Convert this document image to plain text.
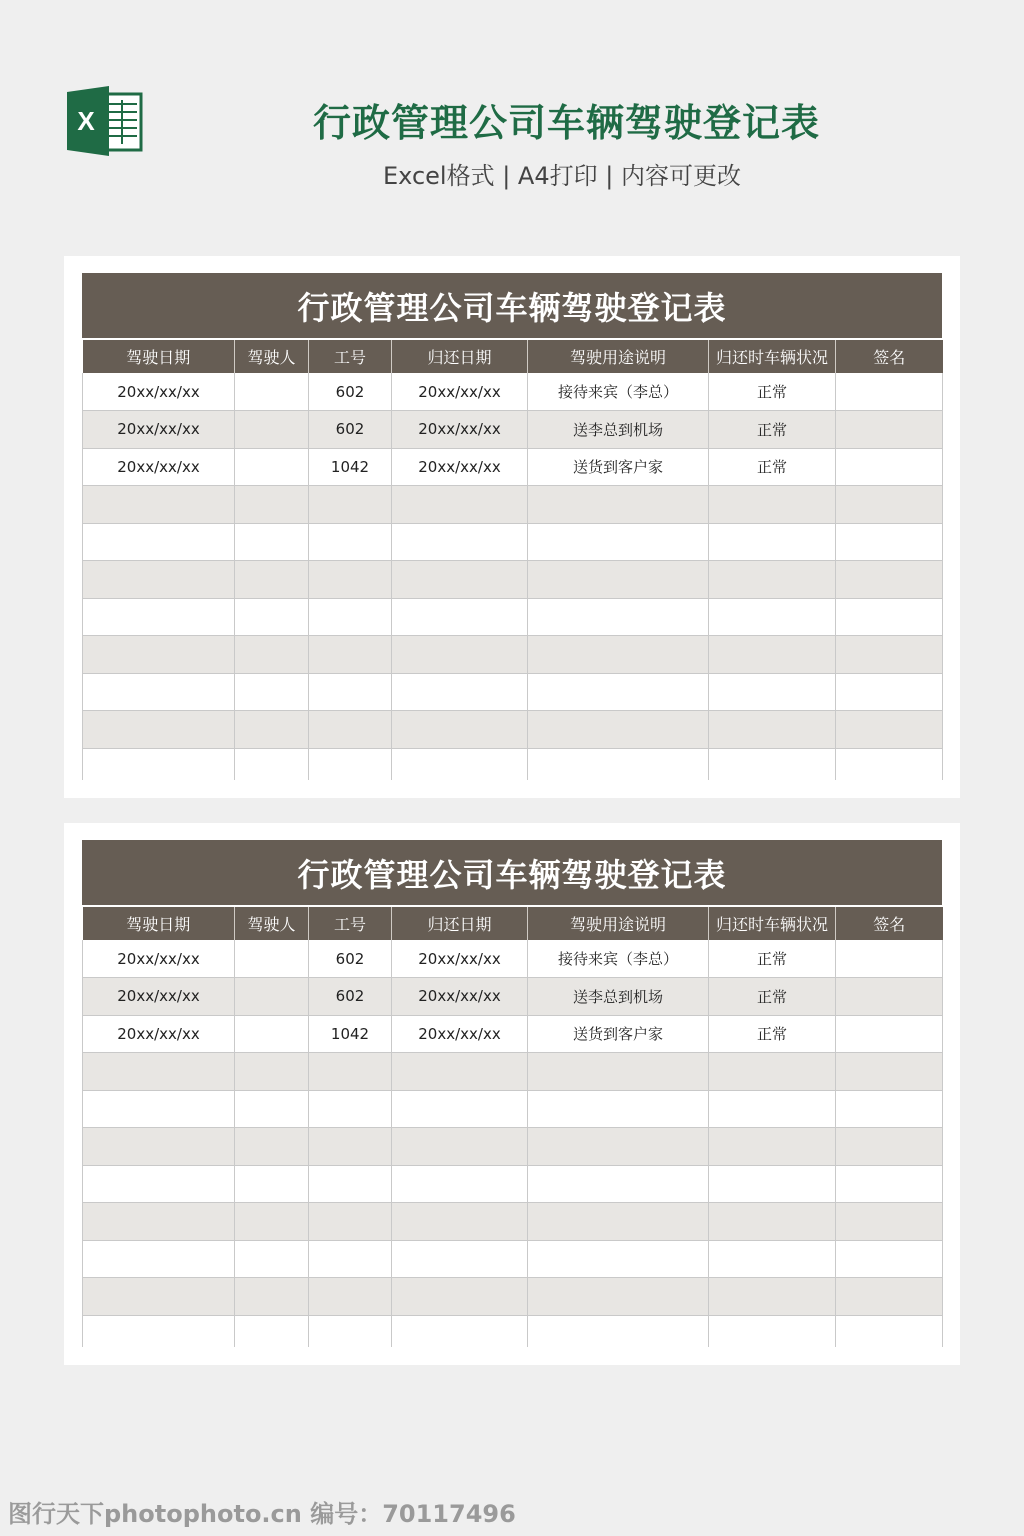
X	行政管理公司车辆驾驶登记表
Excel格式 | A4打印 | 内容可更改
行政管理公司车辆驾驶登记表
驾驶日期	驾驶人	工号	归还日期	驾驶用途说明	归还时车辆状况	签名
20xx/xx/xx		602	20xx/xx/xx	接待来宾（李总）	正常	
20xx/xx/xx		602	20xx/xx/xx	送李总到机场	正常	
20xx/xx/xx		1042	20xx/xx/xx	送货到客户家	正常	

行政管理公司车辆驾驶登记表
驾驶日期	驾驶人	工号	归还日期	驾驶用途说明	归还时车辆状况	签名
20xx/xx/xx		602	20xx/xx/xx	接待来宾（李总）	正常	
20xx/xx/xx		602	20xx/xx/xx	送李总到机场	正常	
20xx/xx/xx		1042	20xx/xx/xx	送货到客户家	正常	

图行天下photophoto.cn 编号：70117496
